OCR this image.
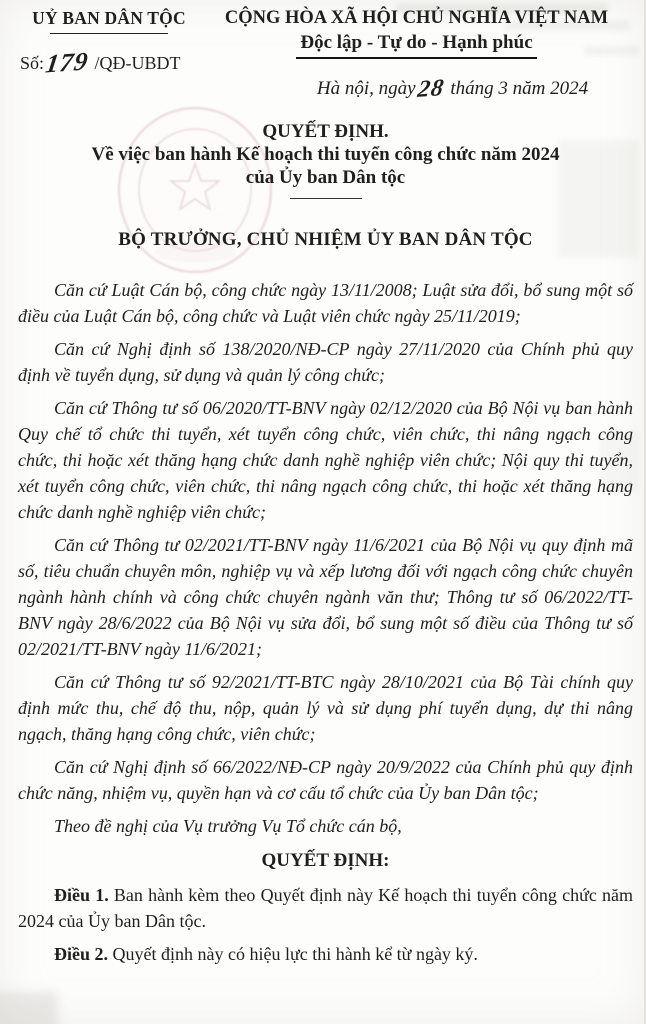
UỶ BAN DÂN TỘC
Số:179 /QĐ-UBDT
CỘNG HÒA XÃ HỘI CHỦ NGHĨA VIỆT NAM
Độc lập - Tự do - Hạnh phúc
Hà nội, ngày28 tháng 3 năm 2024
QUYẾT ĐỊNH.
Về việc ban hành Kế hoạch thi tuyển công chức năm 2024
của Ủy ban Dân tộc
BỘ TRƯỞNG, CHỦ NHIỆM ỦY BAN DÂN TỘC

Căn cứ Luật Cán bộ, công chức ngày 13/11/2008; Luật sửa đổi, bổ sung một số điều của Luật Cán bộ, công chức và Luật viên chức ngày 25/11/2019;

Căn cứ Nghị định số 138/2020/NĐ-CP ngày 27/11/2020 của Chính phủ quy định về tuyển dụng, sử dụng và quản lý công chức;

Căn cứ Thông tư số 06/2020/TT-BNV ngày 02/12/2020 của Bộ Nội vụ ban hành Quy chế tổ chức thi tuyển, xét tuyển công chức, viên chức, thi nâng ngạch công chức, thi hoặc xét thăng hạng chức danh nghề nghiệp viên chức; Nội quy thi tuyển, xét tuyển công chức, viên chức, thi nâng ngạch công chức, thi hoặc xét thăng hạng chức danh nghề nghiệp viên chức;

Căn cứ Thông tư 02/2021/TT-BNV ngày 11/6/2021 của Bộ Nội vụ quy định mã số, tiêu chuẩn chuyên môn, nghiệp vụ và xếp lương đối với ngạch công chức chuyên ngành hành chính và công chức chuyên ngành văn thư; Thông tư số 06/2022/TT-BNV ngày 28/6/2022 của Bộ Nội vụ sửa đổi, bổ sung một số điều của Thông tư số 02/2021/TT-BNV ngày 11/6/2021;

Căn cứ Thông tư số 92/2021/TT-BTC ngày 28/10/2021 của Bộ Tài chính quy định mức thu, chế độ thu, nộp, quản lý và sử dụng phí tuyển dụng, dự thi nâng ngạch, thăng hạng công chức, viên chức;

Căn cứ Nghị định số 66/2022/NĐ-CP ngày 20/9/2022 của Chính phủ quy định chức năng, nhiệm vụ, quyền hạn và cơ cấu tổ chức của Ủy ban Dân tộc;

Theo đề nghị của Vụ trưởng Vụ Tổ chức cán bộ,

QUYẾT ĐỊNH:

Điều 1. Ban hành kèm theo Quyết định này Kế hoạch thi tuyển công chức năm 2024 của Ủy ban Dân tộc.

Điều 2. Quyết định này có hiệu lực thi hành kể từ ngày ký.
